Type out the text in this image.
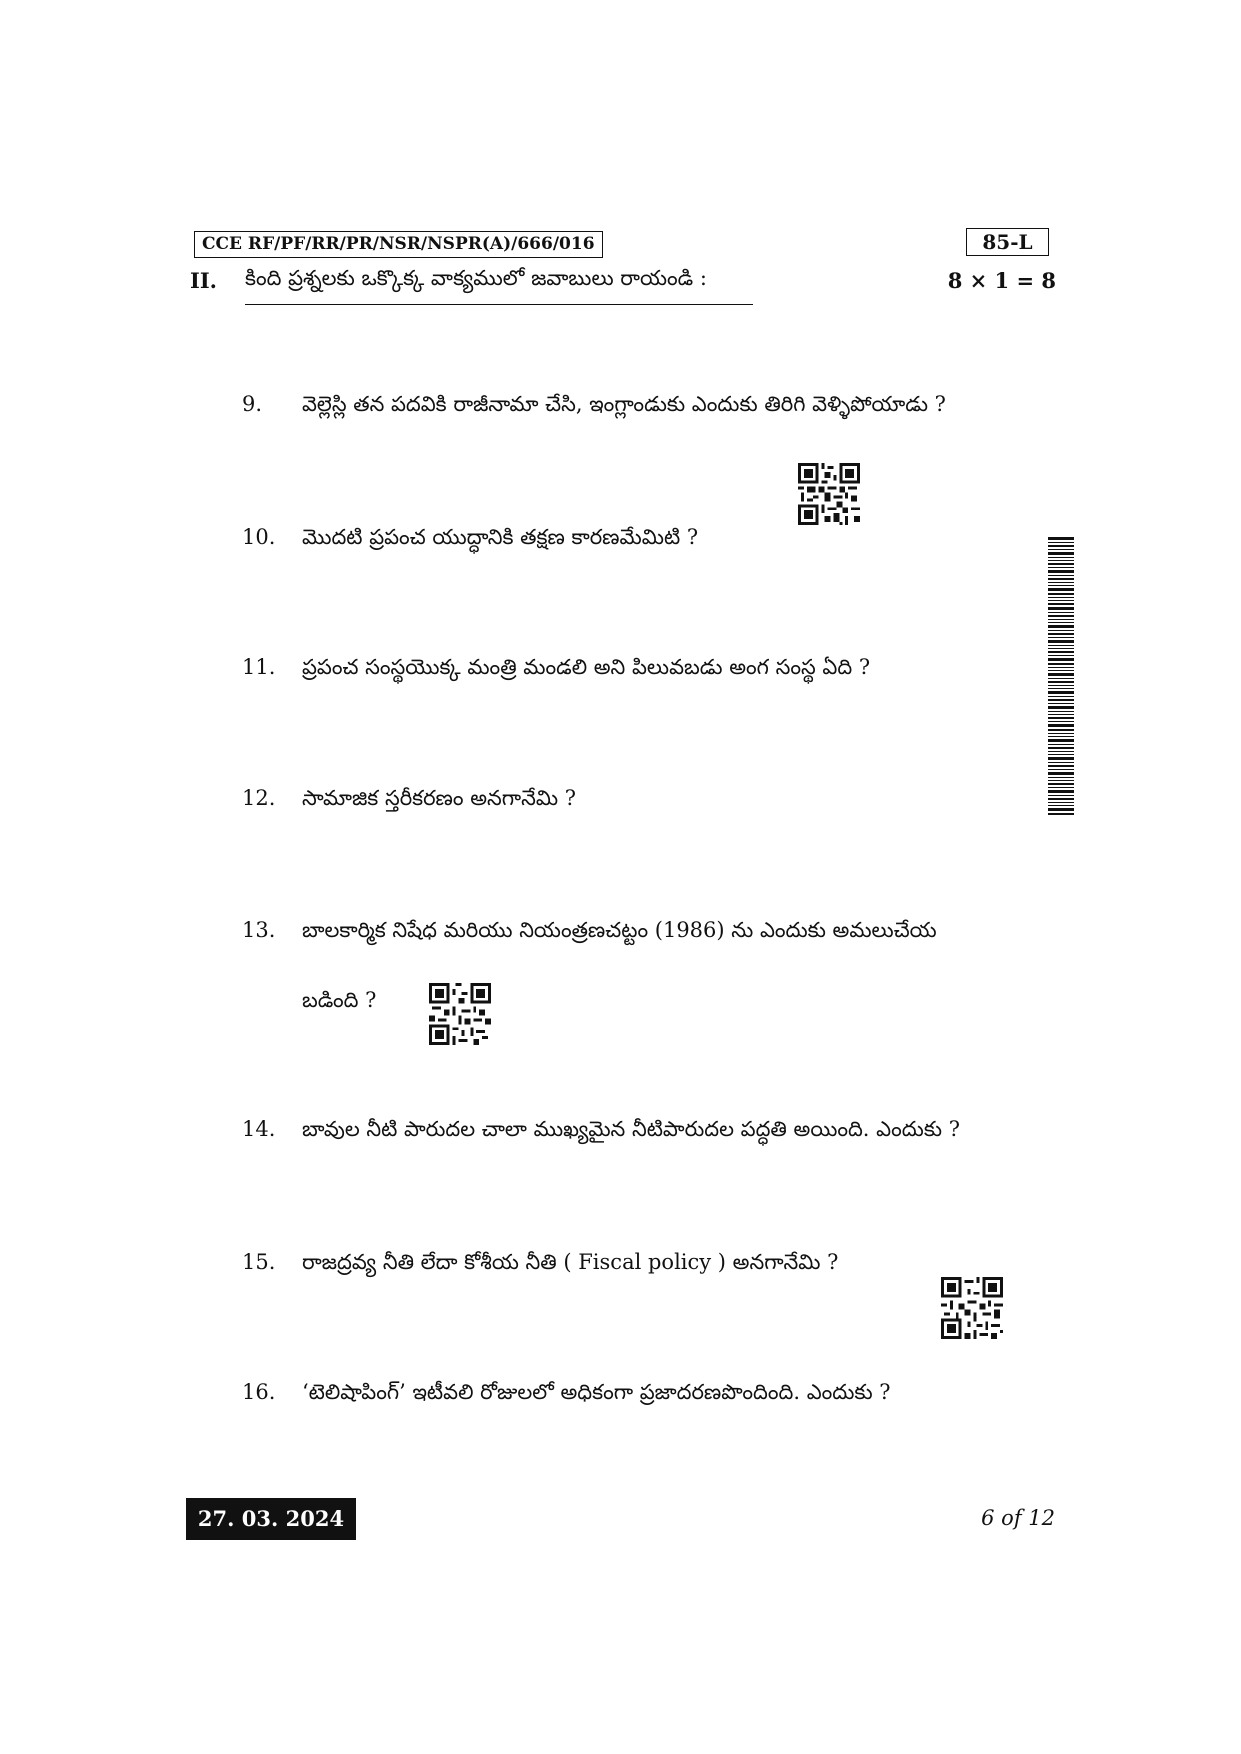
CCE RF/PF/RR/PR/NSR/NSPR(A)/666/016	85-L
II. కింది ప్రశ్నలకు ఒక్కొక్క వాక్యములో జవాబులు రాయండి :	8 × 1 = 8
9.	వెల్లెస్లి తన పదవికి రాజీనామా చేసి, ఇంగ్లాండుకు ఎందుకు తిరిగి వెళ్ళిపోయాడు ?
10.	మొదటి ప్రపంచ యుద్ధానికి తక్షణ కారణమేమిటి ?
11.	ప్రపంచ సంస్థయొక్క మంత్రి మండలి అని పిలువబడు అంగ సంస్థ ఏది ?
12.	సామాజిక స్తరీకరణం అనగానేమి ?
13.	బాలకార్మిక నిషేధ మరియు నియంత్రణచట్టం (1986) ను ఎందుకు అమలుచేయ
బడింది ?
14.	బావుల నీటి పారుదల చాలా ముఖ్యమైన నీటిపారుదల పద్ధతి అయింది. ఎందుకు ?
15.	రాజద్రవ్య నీతి లేదా కోశీయ నీతి ( Fiscal policy ) అనగానేమి ?
16.	‘టెలిషాపింగ్’ ఇటీవలి రోజులలో అధికంగా ప్రజాదరణపొందింది. ఎందుకు ?
27. 03. 2024	6 of 12
